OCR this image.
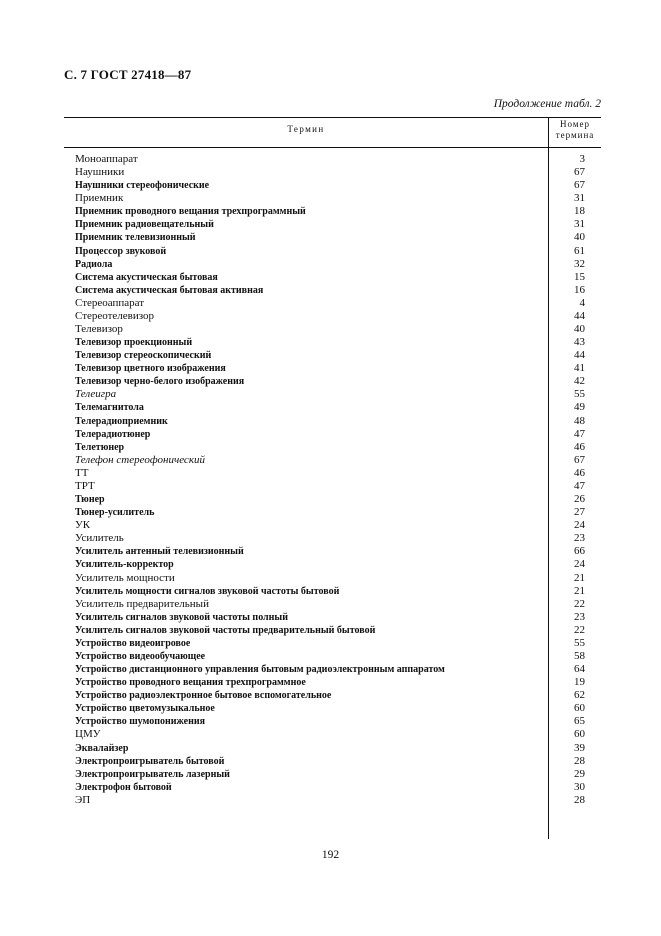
С. 7 ГОСТ 27418—87
Продолжение табл. 2
Термин	Номер
термина
Моноаппарат	3
Наушники	67
Наушники стереофонические	67
Приемник	31
Приемник проводного вещания трехпрограммный	18
Приемник радиовещательный	31
Приемник телевизионный	40
Процессор звуковой	61
Радиола	32
Система акустическая бытовая	15
Система акустическая бытовая активная	16
Стереоаппарат	4
Стереотелевизор	44
Телевизор	40
Телевизор проекционный	43
Телевизор стереоскопический	44
Телевизор цветного изображения	41
Телевизор черно-белого изображения	42
Телеигра	55
Телемагнитола	49
Телерадиоприемник	48
Телерадиотюнер	47
Телетюнер	46
Телефон стереофонический	67
ТТ	46
ТРТ	47
Тюнер	26
Тюнер-усилитель	27
УК	24
Усилитель	23
Усилитель антенный телевизионный	66
Усилитель-корректор	24
Усилитель мощности	21
Усилитель мощности сигналов звуковой частоты бытовой	21
Усилитель предварительный	22
Усилитель сигналов звуковой частоты полный	23
Усилитель сигналов звуковой частоты предварительный бытовой	22
Устройство видеоигровое	55
Устройство видеообучающее	58
Устройство дистанционного управления бытовым радиоэлектронным аппаратом	64
Устройство проводного вещания трехпрограммное	19
Устройство радиоэлектронное бытовое вспомогательное	62
Устройство цветомузыкальное	60
Устройство шумопонижения	65
ЦМУ	60
Эквалайзер	39
Электропроигрыватель бытовой	28
Электропроигрыватель лазерный	29
Электрофон бытовой	30
ЭП	28
192
